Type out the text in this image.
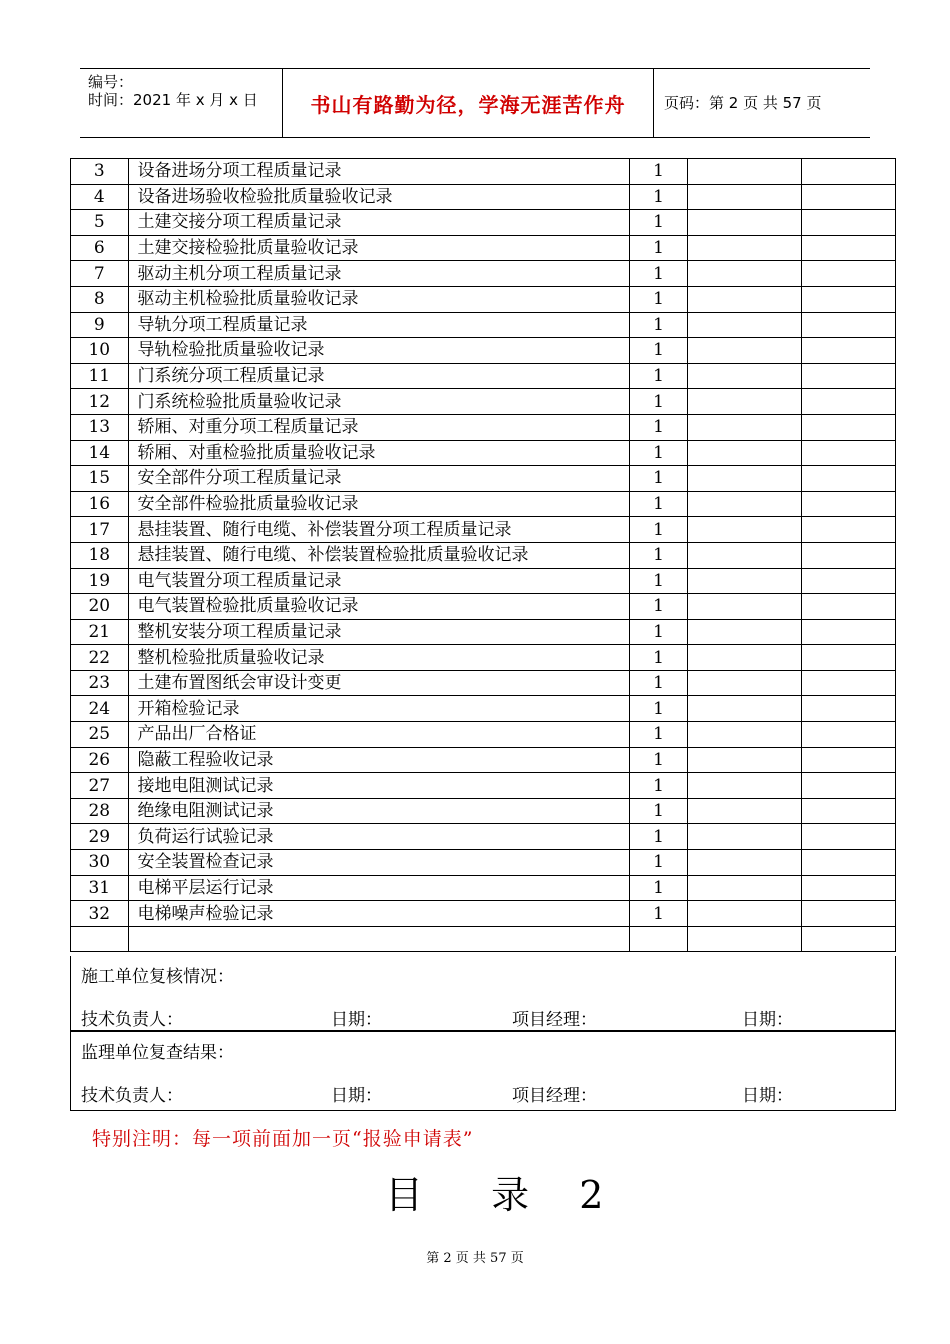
编号：
时间：2021 年 x 月 x 日	书山有路勤为径，学海无涯苦作舟	页码：第 2 页 共 57 页
3	设备进场分项工程质量记录	1		
4	设备进场验收检验批质量验收记录	1		
5	土建交接分项工程质量记录	1		
6	土建交接检验批质量验收记录	1		
7	驱动主机分项工程质量记录	1		
8	驱动主机检验批质量验收记录	1		
9	导轨分项工程质量记录	1		
10	导轨检验批质量验收记录	1		
11	门系统分项工程质量记录	1		
12	门系统检验批质量验收记录	1		
13	轿厢、对重分项工程质量记录	1		
14	轿厢、对重检验批质量验收记录	1		
15	安全部件分项工程质量记录	1		
16	安全部件检验批质量验收记录	1		
17	悬挂装置、随行电缆、补偿装置分项工程质量记录	1		
18	悬挂装置、随行电缆、补偿装置检验批质量验收记录	1		
19	电气装置分项工程质量记录	1		
20	电气装置检验批质量验收记录	1		
21	整机安装分项工程质量记录	1		
22	整机检验批质量验收记录	1		
23	土建布置图纸会审设计变更	1		
24	开箱检验记录	1		
25	产品出厂合格证	1		
26	隐蔽工程验收记录	1		
27	接地电阻测试记录	1		
28	绝缘电阻测试记录	1		
29	负荷运行试验记录	1		
30	安全装置检查记录	1		
31	电梯平层运行记录	1		
32	电梯噪声检验记录	1		

施工单位复核情况：
技术负责人：	日期：	项目经理：	日期：
监理单位复查结果：
技术负责人：	日期：	项目经理：	日期：
特别注明：每一项前面加一页“报验申请表”
目 录 2
第 2 页 共 57 页
